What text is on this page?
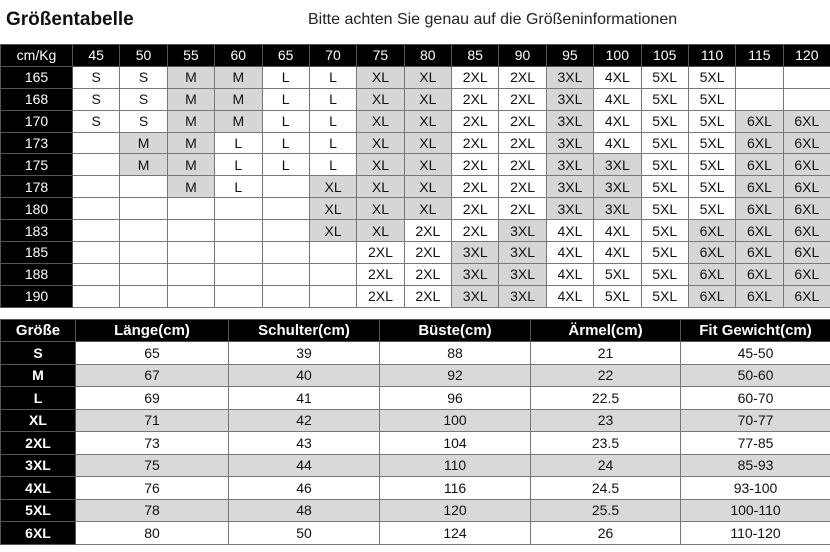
Größentabelle	Bitte achten Sie genau auf die Größeninformationen
cm/Kg	45	50	55	60	65	70	75	80	85	90	95	100	105	110	115	120
165	S	S	M	M	L	L	XL	XL	2XL	2XL	3XL	4XL	5XL	5XL		
168	S	S	M	M	L	L	XL	XL	2XL	2XL	3XL	4XL	5XL	5XL		
170	S	S	M	M	L	L	XL	XL	2XL	2XL	3XL	4XL	5XL	5XL	6XL	6XL
173		M	M	L	L	L	XL	XL	2XL	2XL	3XL	4XL	5XL	5XL	6XL	6XL
175		M	M	L	L	L	XL	XL	2XL	2XL	3XL	3XL	5XL	5XL	6XL	6XL
178			M	L		XL	XL	XL	2XL	2XL	3XL	3XL	5XL	5XL	6XL	6XL
180						XL	XL	XL	2XL	2XL	3XL	3XL	5XL	5XL	6XL	6XL
183						XL	XL	2XL	2XL	3XL	4XL	4XL	5XL	6XL	6XL	6XL
185							2XL	2XL	3XL	3XL	4XL	4XL	5XL	6XL	6XL	6XL
188							2XL	2XL	3XL	3XL	4XL	5XL	5XL	6XL	6XL	6XL
190							2XL	2XL	3XL	3XL	4XL	5XL	5XL	6XL	6XL	6XL
Größe	Länge(cm)	Schulter(cm)	Büste(cm)	Ärmel(cm)	Fit Gewicht(cm)
S	65	39	88	21	45-50
M	67	40	92	22	50-60
L	69	41	96	22.5	60-70
XL	71	42	100	23	70-77
2XL	73	43	104	23.5	77-85
3XL	75	44	110	24	85-93
4XL	76	46	116	24.5	93-100
5XL	78	48	120	25.5	100-110
6XL	80	50	124	26	110-120
